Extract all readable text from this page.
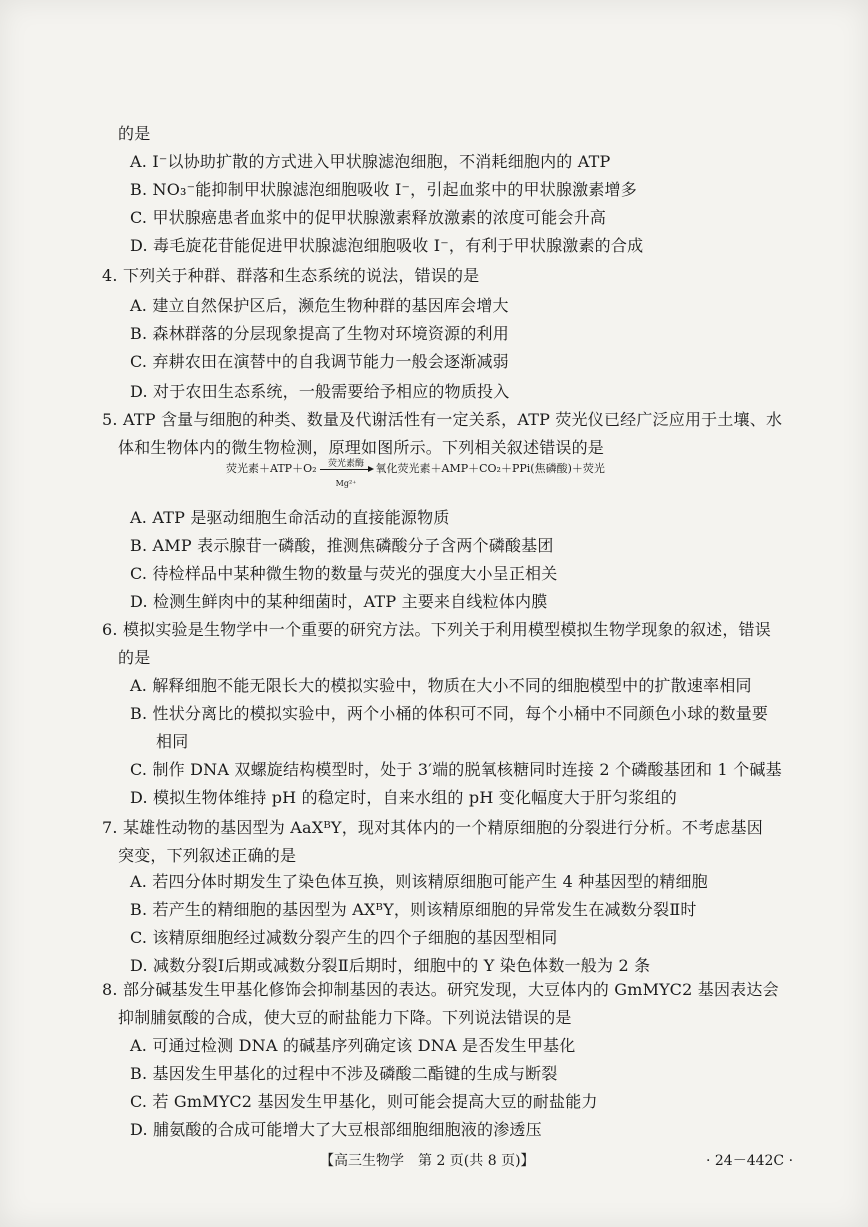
的是
A. I⁻以协助扩散的方式进入甲状腺滤泡细胞，不消耗细胞内的 ATP
B. NO₃⁻能抑制甲状腺滤泡细胞吸收 I⁻，引起血浆中的甲状腺激素增多
C. 甲状腺癌患者血浆中的促甲状腺激素释放激素的浓度可能会升高
D. 毒毛旋花苷能促进甲状腺滤泡细胞吸收 I⁻，有利于甲状腺激素的合成
4. 下列关于种群、群落和生态系统的说法，错误的是
A. 建立自然保护区后，濒危生物种群的基因库会增大
B. 森林群落的分层现象提高了生物对环境资源的利用
C. 弃耕农田在演替中的自我调节能力一般会逐渐减弱
D. 对于农田生态系统，一般需要给予相应的物质投入
5. ATP 含量与细胞的种类、数量及代谢活性有一定关系，ATP 荧光仪已经广泛应用于土壤、水
体和生物体内的微生物检测，原理如图所示。下列相关叙述错误的是
荧光素＋ATP＋O₂	荧光素酶
Mg²⁺
氧化荧光素＋AMP＋CO₂＋PPi(焦磷酸)＋荧光
A. ATP 是驱动细胞生命活动的直接能源物质
B. AMP 表示腺苷一磷酸，推测焦磷酸分子含两个磷酸基团
C. 待检样品中某种微生物的数量与荧光的强度大小呈正相关
D. 检测生鲜肉中的某种细菌时，ATP 主要来自线粒体内膜
6. 模拟实验是生物学中一个重要的研究方法。下列关于利用模型模拟生物学现象的叙述，错误
的是
A. 解释细胞不能无限长大的模拟实验中，物质在大小不同的细胞模型中的扩散速率相同
B. 性状分离比的模拟实验中，两个小桶的体积可不同，每个小桶中不同颜色小球的数量要
相同
C. 制作 DNA 双螺旋结构模型时，处于 3′端的脱氧核糖同时连接 2 个磷酸基团和 1 个碱基
D. 模拟生物体维持 pH 的稳定时，自来水组的 pH 变化幅度大于肝匀浆组的
7. 某雄性动物的基因型为 AaXᴮY，现对其体内的一个精原细胞的分裂进行分析。不考虑基因
突变，下列叙述正确的是
A. 若四分体时期发生了染色体互换，则该精原细胞可能产生 4 种基因型的精细胞
B. 若产生的精细胞的基因型为 AXᴮY，则该精原细胞的异常发生在减数分裂Ⅱ时
C. 该精原细胞经过减数分裂产生的四个子细胞的基因型相同
D. 减数分裂Ⅰ后期或减数分裂Ⅱ后期时，细胞中的 Y 染色体数一般为 2 条
8. 部分碱基发生甲基化修饰会抑制基因的表达。研究发现，大豆体内的 GmMYC2 基因表达会
抑制脯氨酸的合成，使大豆的耐盐能力下降。下列说法错误的是
A. 可通过检测 DNA 的碱基序列确定该 DNA 是否发生甲基化
B. 基因发生甲基化的过程中不涉及磷酸二酯键的生成与断裂
C. 若 GmMYC2 基因发生甲基化，则可能会提高大豆的耐盐能力
D. 脯氨酸的合成可能增大了大豆根部细胞细胞液的渗透压
【高三生物学　第 2 页(共 8 页)】	· 24－442C ·
